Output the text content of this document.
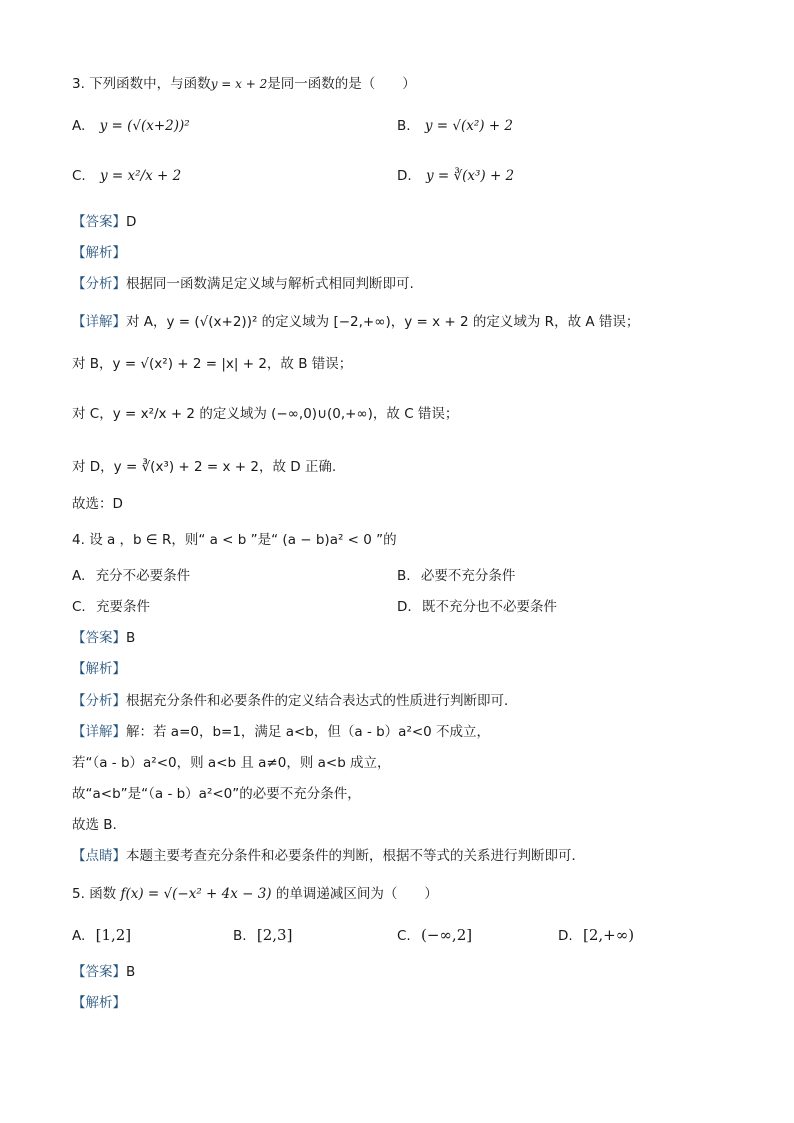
3. 下列函数中，与函数y = x + 2是同一函数的是（　　）
A. y = (√(x+2))²	B. y = √(x²) + 2
C. y = x²/x + 2	D. y = ∛(x³) + 2
【答案】D
【解析】
【分析】根据同一函数满足定义域与解析式相同判断即可.
【详解】对 A，y = (√(x+2))² 的定义域为 [−2,+∞)，y = x + 2 的定义域为 R，故 A 错误；
对 B，y = √(x²) + 2 = |x| + 2，故 B 错误；
对 C，y = x²/x + 2 的定义域为 (−∞,0)∪(0,+∞)，故 C 错误；
对 D，y = ∛(x³) + 2 = x + 2，故 D 正确.
故选：D
4. 设 a ，b ∈ R，则“ a < b ”是“ (a − b)a² < 0 ”的
A. 充分不必要条件	B. 必要不充分条件
C. 充要条件	D. 既不充分也不必要条件
【答案】B
【解析】
【分析】根据充分条件和必要条件的定义结合表达式的性质进行判断即可．
【详解】解：若 a=0，b=1，满足 a<b，但（a - b）a²<0 不成立，
若“（a - b）a²<0，则 a<b 且 a≠0，则 a<b 成立，
故“a<b”是“（a - b）a²<0”的必要不充分条件，
故选 B.
【点睛】本题主要考查充分条件和必要条件的判断，根据不等式的关系进行判断即可．
5. 函数 f(x) = √(−x² + 4x − 3) 的单调递减区间为（　　）
A. [1,2]	B. [2,3]	C. (−∞,2]	D. [2,+∞)
【答案】B
【解析】
